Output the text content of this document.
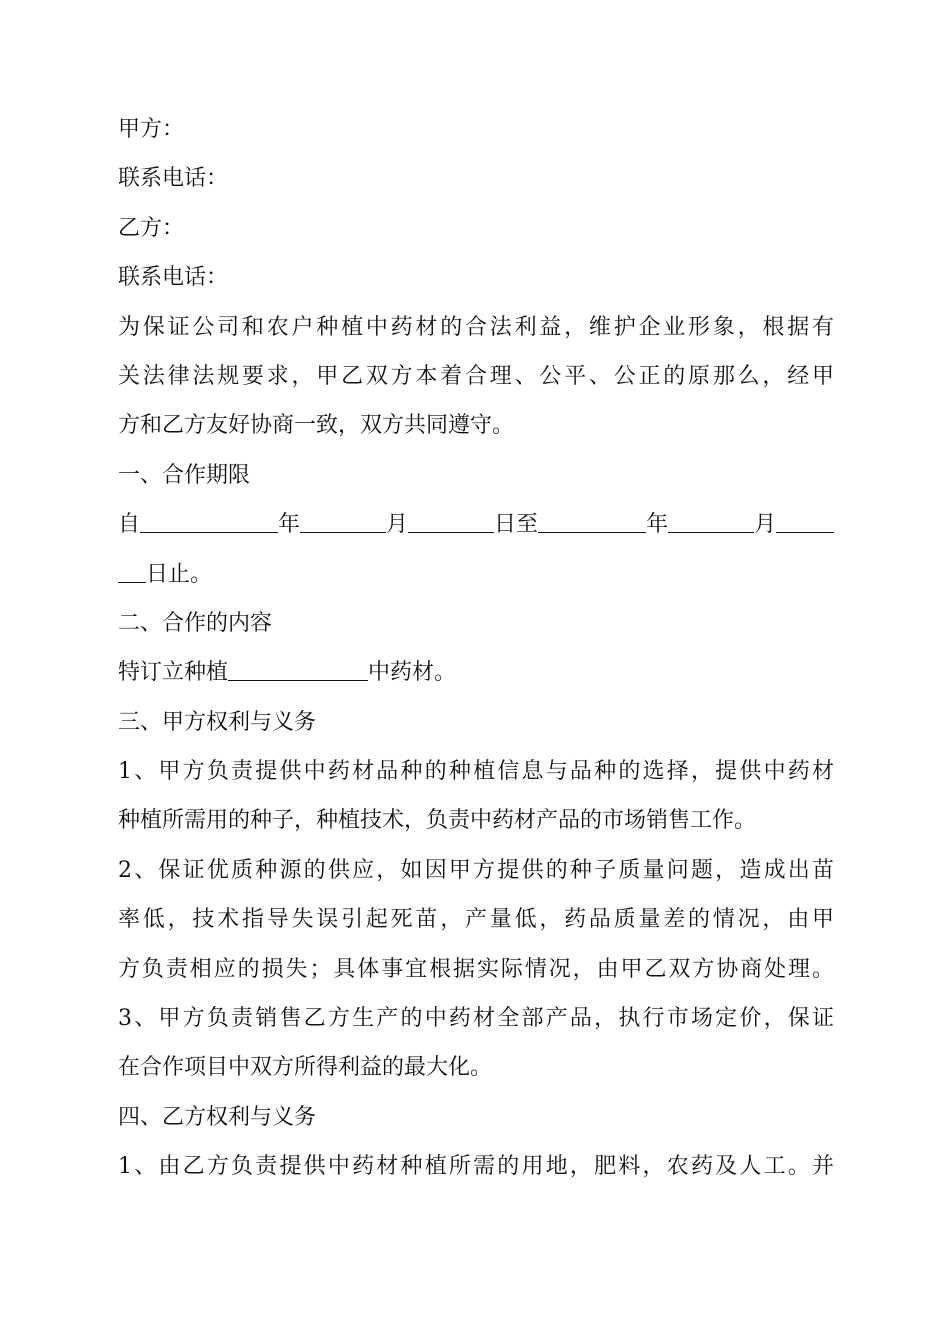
甲方：
联系电话：
乙方：
联系电话：
为保证公司和农户种植中药材的合法利益，维护企业形象，根据有
关法律法规要求，甲乙双方本着合理、公平、公正的原那么，经甲
方和乙方友好协商一致，双方共同遵守。
一、合作期限
自	年	月	日至	年	月
日止。
二、合作的内容
特订立种植	中药材。
三、甲方权利与义务
1、甲方负责提供中药材品种的种植信息与品种的选择，提供中药材
种植所需用的种子，种植技术，负责中药材产品的市场销售工作。
2、保证优质种源的供应，如因甲方提供的种子质量问题，造成出苗
率低，技术指导失误引起死苗，产量低，药品质量差的情况，由甲
方负责相应的损失；具体事宜根据实际情况，由甲乙双方协商处理。
3、甲方负责销售乙方生产的中药材全部产品，执行市场定价，保证
在合作项目中双方所得利益的最大化。
四、乙方权利与义务
1、由乙方负责提供中药材种植所需的用地，肥料，农药及人工。并
